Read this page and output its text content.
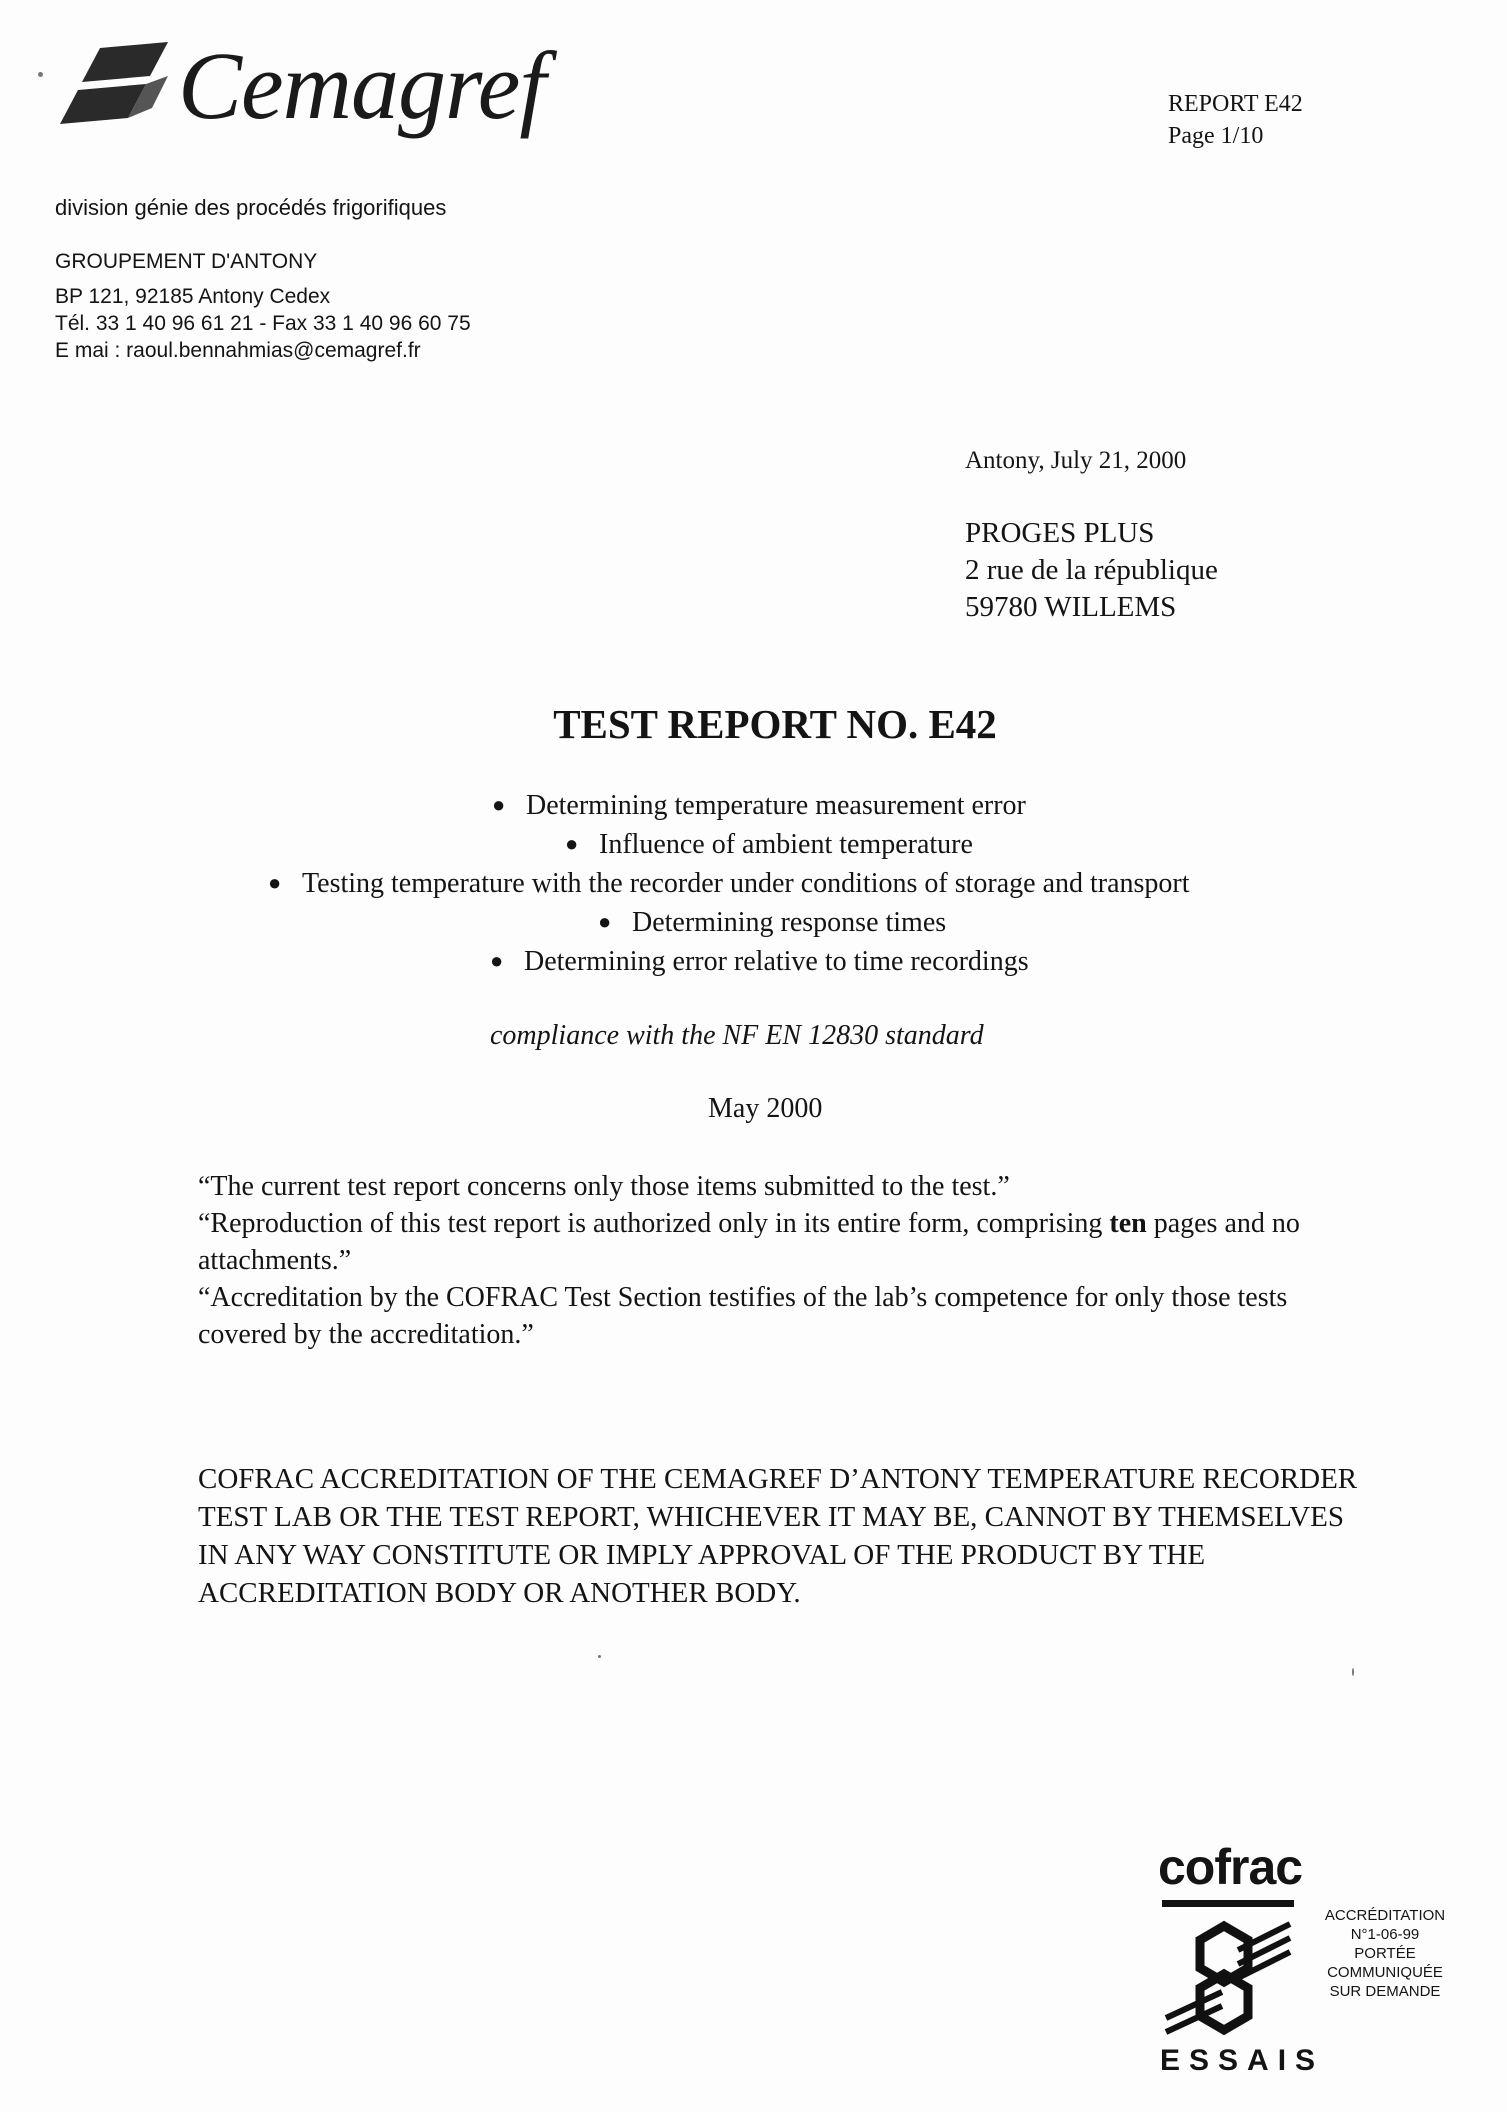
Cemagref
division génie des procédés frigorifiques
GROUPEMENT D'ANTONY
BP 121, 92185 Antony Cedex
Tél. 33 1 40 96 61 21 - Fax 33 1 40 96 60 75
E mai : raoul.bennahmias@cemagref.fr
REPORT E42
Page 1/10
Antony, July 21, 2000
PROGES PLUS
2 rue de la république
59780 WILLEMS
TEST REPORT NO. E42
● Determining temperature measurement error
● Influence of ambient temperature
● Testing temperature with the recorder under conditions of storage and transport
● Determining response times
● Determining error relative to time recordings
compliance with the NF EN 12830 standard
May 2000

“The current test report concerns only those items submitted to the test.”

“Reproduction of this test report is authorized only in its entire form, comprising ten pages and no attachments.”

“Accreditation by the COFRAC Test Section testifies of the lab’s competence for only those tests covered by the accreditation.”

COFRAC ACCREDITATION OF THE CEMAGREF D’ANTONY TEMPERATURE RECORDER TEST LAB OR THE TEST REPORT, WHICHEVER IT MAY BE, CANNOT BY THEMSELVES IN ANY WAY CONSTITUTE OR IMPLY APPROVAL OF THE PRODUCT BY THE ACCREDITATION BODY OR ANOTHER BODY.
cofrac
ESSAIS
ACCRÉDITATION
N°1-06-99
PORTÉE
COMMUNIQUÉE
SUR DEMANDE
